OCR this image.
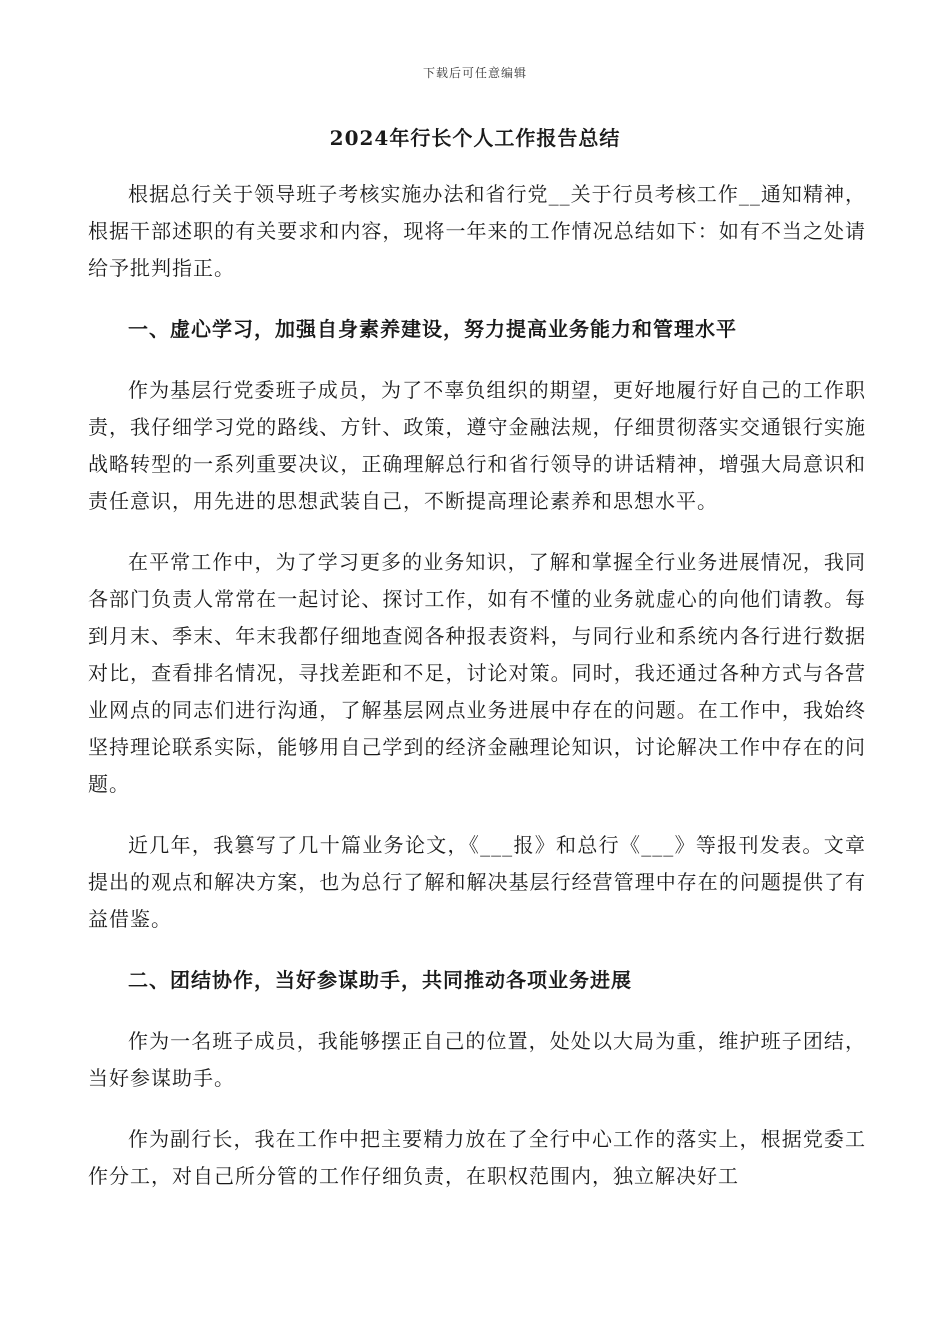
下载后可任意编辑
2024年行长个人工作报告总结

根据总行关于领导班子考核实施办法和省行党__关于行员考核工作__通知精神，根据干部述职的有关要求和内容，现将一年来的工作情况总结如下：如有不当之处请给予批判指正。

一、虚心学习，加强自身素养建设，努力提高业务能力和管理水平

作为基层行党委班子成员，为了不辜负组织的期望，更好地履行好自己的工作职责，我仔细学习党的路线、方针、政策，遵守金融法规，仔细贯彻落实交通银行实施战略转型的一系列重要决议，正确理解总行和省行领导的讲话精神，增强大局意识和责任意识，用先进的思想武装自己，不断提高理论素养和思想水平。

在平常工作中，为了学习更多的业务知识，了解和掌握全行业务进展情况，我同各部门负责人常常在一起讨论、探讨工作，如有不懂的业务就虚心的向他们请教。每到月末、季末、年末我都仔细地查阅各种报表资料，与同行业和系统内各行进行数据对比，查看排名情况，寻找差距和不足，讨论对策。同时，我还通过各种方式与各营业网点的同志们进行沟通，了解基层网点业务进展中存在的问题。在工作中，我始终坚持理论联系实际，能够用自己学到的经济金融理论知识，讨论解决工作中存在的问题。

近几年，我篡写了几十篇业务论文，《___报》和总行《___》等报刊发表。文章提出的观点和解决方案，也为总行了解和解决基层行经营管理中存在的问题提供了有益借鉴。

二、团结协作，当好参谋助手，共同推动各项业务进展

作为一名班子成员，我能够摆正自己的位置，处处以大局为重，维护班子团结，当好参谋助手。

作为副行长，我在工作中把主要精力放在了全行中心工作的落实上，根据党委工作分工，对自己所分管的工作仔细负责，在职权范围内，独立解决好工
